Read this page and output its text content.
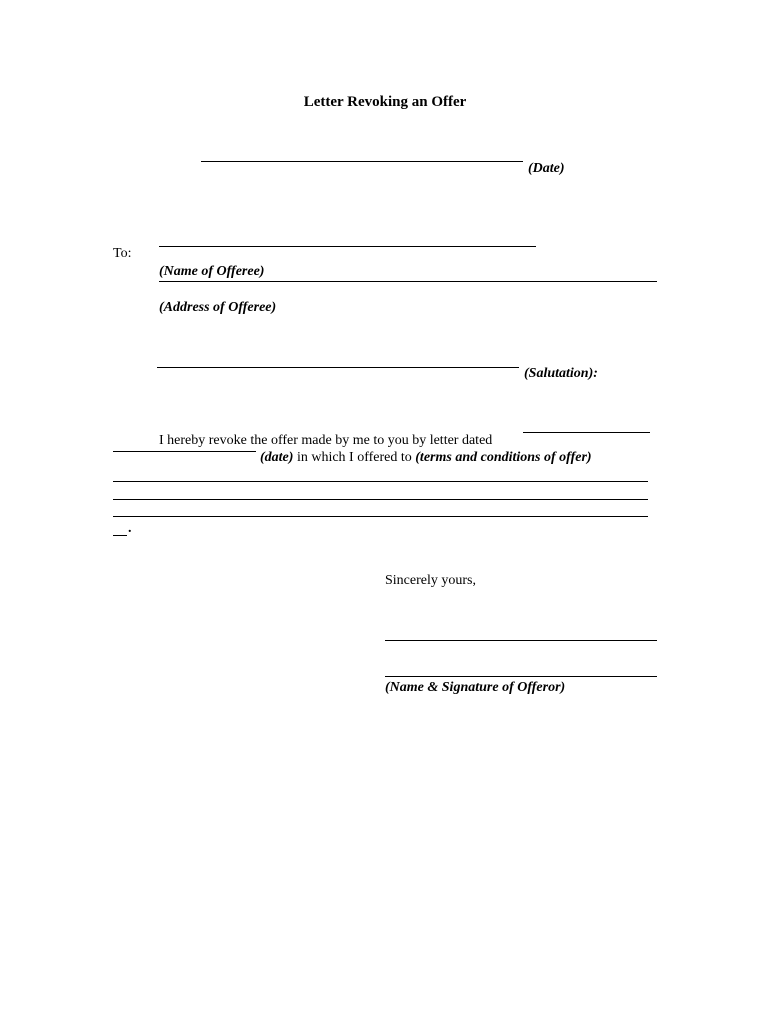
Letter Revoking an Offer
(Date)
To:
(Name of Offeree)
(Address of Offeree)
(Salutation):
I hereby revoke the offer made by me to you by letter dated
(date) in which I offered to (terms and conditions of offer)
.
Sincerely yours,
(Name & Signature of Offeror)
